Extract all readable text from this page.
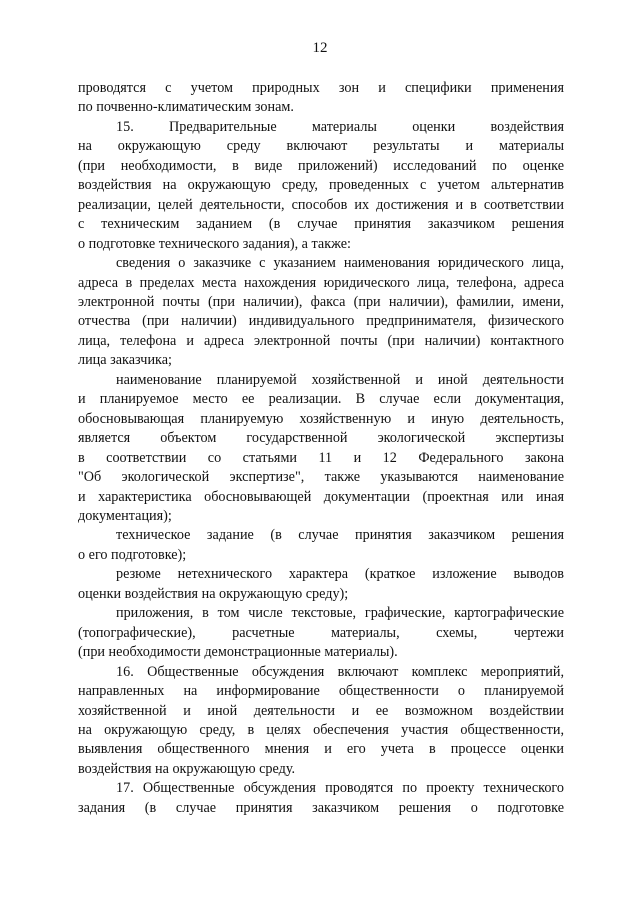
12

проводятся с учетом природных зон и специфики применения
по почвенно-климатическим зонам.

15. Предварительные материалы оценки воздействия
на окружающую среду включают результаты и материалы
(при необходимости, в виде приложений) исследований по оценке
воздействия на окружающую среду, проведенных с учетом альтернатив
реализации, целей деятельности, способов их достижения и в соответствии
с техническим заданием (в случае принятия заказчиком решения
о подготовке технического задания), а также:

сведения о заказчике с указанием наименования юридического лица,
адреса в пределах места нахождения юридического лица, телефона, адреса
электронной почты (при наличии), факса (при наличии), фамилии, имени,
отчества (при наличии) индивидуального предпринимателя, физического
лица, телефона и адреса электронной почты (при наличии) контактного
лица заказчика;

наименование планируемой хозяйственной и иной деятельности
и планируемое место ее реализации. В случае если документация,
обосновывающая планируемую хозяйственную и иную деятельность,
является объектом государственной экологической экспертизы
в соответствии со статьями 11 и 12 Федерального закона
"Об экологической экспертизе", также указываются наименование
и характеристика обосновывающей документации (проектная или иная
документация);

техническое задание (в случае принятия заказчиком решения
о его подготовке);

резюме нетехнического характера (краткое изложение выводов
оценки воздействия на окружающую среду);

приложения, в том числе текстовые, графические, картографические
(топографические), расчетные материалы, схемы, чертежи
(при необходимости демонстрационные материалы).

16. Общественные обсуждения включают комплекс мероприятий,
направленных на информирование общественности о планируемой
хозяйственной и иной деятельности и ее возможном воздействии
на окружающую среду, в целях обеспечения участия общественности,
выявления общественного мнения и его учета в процессе оценки
воздействия на окружающую среду.

17. Общественные обсуждения проводятся по проекту технического
задания (в случае принятия заказчиком решения о подготовке
